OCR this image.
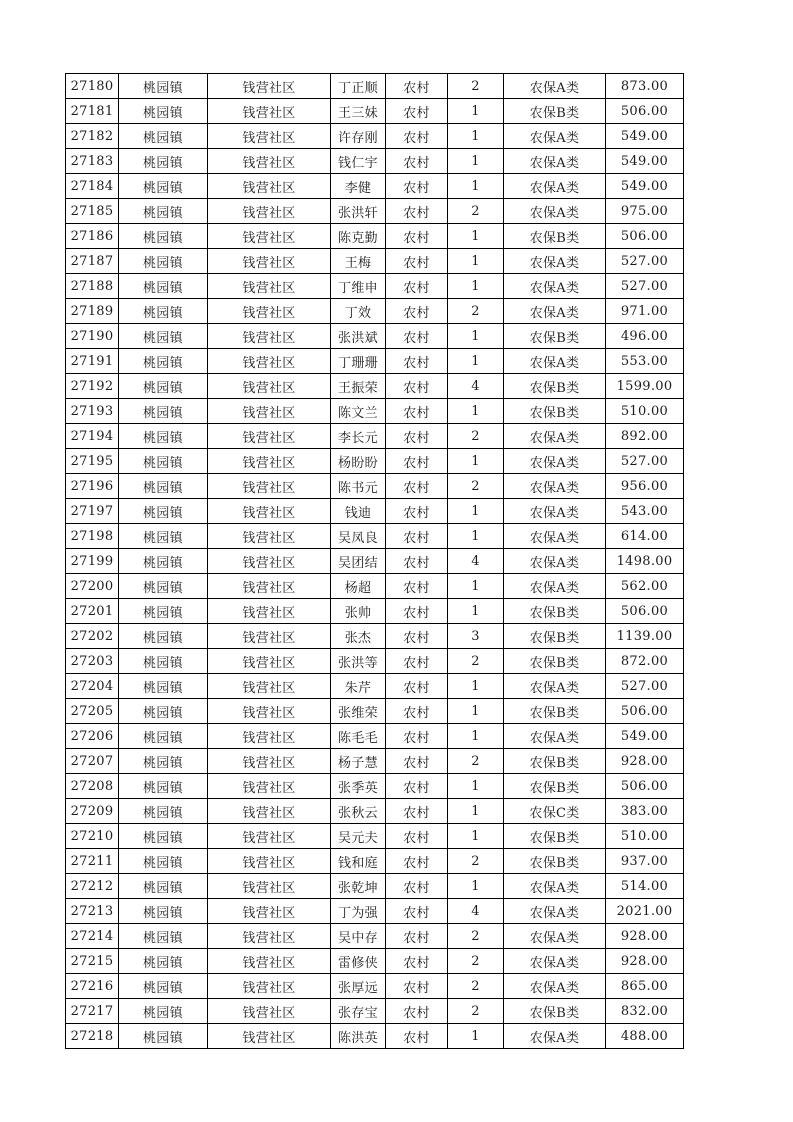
27180	桃园镇	钱营社区	丁正顺	农村	2	农保A类	873.00
27181	桃园镇	钱营社区	王三妹	农村	1	农保B类	506.00
27182	桃园镇	钱营社区	许存刚	农村	1	农保A类	549.00
27183	桃园镇	钱营社区	钱仁宇	农村	1	农保A类	549.00
27184	桃园镇	钱营社区	李健	农村	1	农保A类	549.00
27185	桃园镇	钱营社区	张洪轩	农村	2	农保A类	975.00
27186	桃园镇	钱营社区	陈克勤	农村	1	农保B类	506.00
27187	桃园镇	钱营社区	王梅	农村	1	农保A类	527.00
27188	桃园镇	钱营社区	丁维申	农村	1	农保A类	527.00
27189	桃园镇	钱营社区	丁效	农村	2	农保A类	971.00
27190	桃园镇	钱营社区	张洪斌	农村	1	农保B类	496.00
27191	桃园镇	钱营社区	丁珊珊	农村	1	农保A类	553.00
27192	桃园镇	钱营社区	王振荣	农村	4	农保B类	1599.00
27193	桃园镇	钱营社区	陈文兰	农村	1	农保B类	510.00
27194	桃园镇	钱营社区	李长元	农村	2	农保A类	892.00
27195	桃园镇	钱营社区	杨盼盼	农村	1	农保A类	527.00
27196	桃园镇	钱营社区	陈书元	农村	2	农保A类	956.00
27197	桃园镇	钱营社区	钱迪	农村	1	农保A类	543.00
27198	桃园镇	钱营社区	吴凤良	农村	1	农保A类	614.00
27199	桃园镇	钱营社区	吴团结	农村	4	农保A类	1498.00
27200	桃园镇	钱营社区	杨超	农村	1	农保A类	562.00
27201	桃园镇	钱营社区	张帅	农村	1	农保B类	506.00
27202	桃园镇	钱营社区	张杰	农村	3	农保B类	1139.00
27203	桃园镇	钱营社区	张洪等	农村	2	农保B类	872.00
27204	桃园镇	钱营社区	朱芹	农村	1	农保A类	527.00
27205	桃园镇	钱营社区	张维荣	农村	1	农保B类	506.00
27206	桃园镇	钱营社区	陈毛毛	农村	1	农保A类	549.00
27207	桃园镇	钱营社区	杨子慧	农村	2	农保B类	928.00
27208	桃园镇	钱营社区	张季英	农村	1	农保B类	506.00
27209	桃园镇	钱营社区	张秋云	农村	1	农保C类	383.00
27210	桃园镇	钱营社区	吴元夫	农村	1	农保B类	510.00
27211	桃园镇	钱营社区	钱和庭	农村	2	农保B类	937.00
27212	桃园镇	钱营社区	张乾坤	农村	1	农保A类	514.00
27213	桃园镇	钱营社区	丁为强	农村	4	农保A类	2021.00
27214	桃园镇	钱营社区	吴中存	农村	2	农保A类	928.00
27215	桃园镇	钱营社区	雷修侠	农村	2	农保A类	928.00
27216	桃园镇	钱营社区	张厚远	农村	2	农保A类	865.00
27217	桃园镇	钱营社区	张存宝	农村	2	农保B类	832.00
27218	桃园镇	钱营社区	陈洪英	农村	1	农保A类	488.00
